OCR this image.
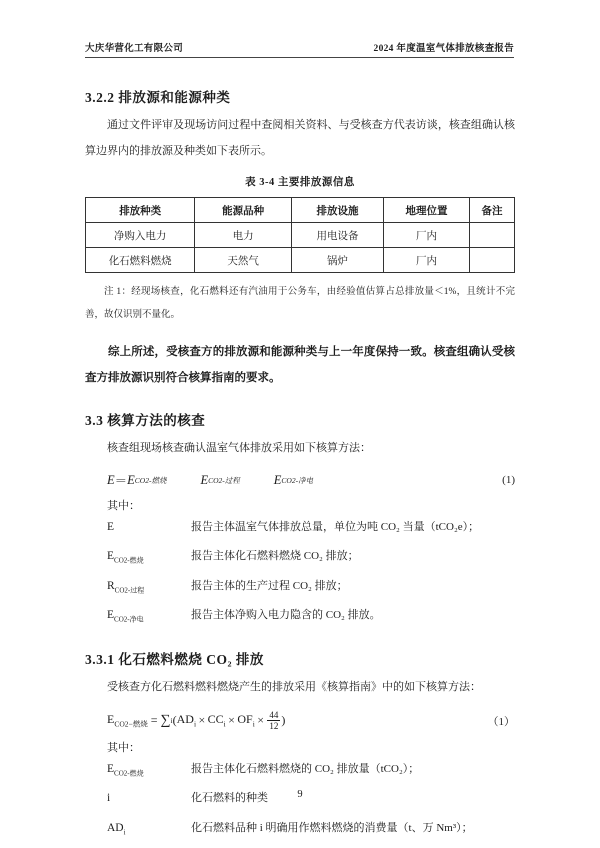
大庆华营化工有限公司	2024 年度温室气体排放核查报告
3.2.2 排放源和能源种类
通过文件评审及现场访问过程中查阅相关资料、与受核查方代表访谈，核查组确认核算边界内的排放源及种类如下表所示。
表 3-4 主要排放源信息
排放种类	能源品种	排放设施	地理位置	备注
净购入电力	电力	用电设备	厂内	
化石燃料燃烧	天然气	锅炉	厂内	
注 1：经现场核查，化石燃料还有汽油用于公务车，由经验值估算占总排放量＜1%，且统计不完善，故仅识别不量化。
综上所述，受核查方的排放源和能源种类与上一年度保持一致。核查组确认受核查方排放源识别符合核算指南的要求。
3.3 核算方法的核查
核查组现场核查确认温室气体排放采用如下核算方法：
E ＝ E CO2-燃烧	E CO2-过程	E CO2-净电	(1)
其中：
E	报告主体温室气体排放总量，单位为吨 CO₂ 当量（tCO₂e）；
$E_{CO2-燃烧}$	报告主体化石燃料燃烧 CO₂ 排放；
$R_{CO2-过程}$	报告主体的生产过程 CO₂ 排放；
$E_{CO2-净电}$	报告主体净购入电力隐含的 CO₂ 排放。
3.3.1 化石燃料燃烧 CO₂ 排放
受核查方化石燃料燃料燃烧产生的排放采用《核算指南》中的如下核算方法：
$E_{CO2-燃烧}$ = ∑ i ( $AD_i$
  ×
  $CC_i$
  ×
  $OF_i$
  ×
  $\frac{44}{12}$ )	（1）
其中：
$E_{CO2-燃烧}$	报告主体化石燃料燃烧的 CO₂ 排放量（tCO₂）；
i	化石燃料的种类
$AD_i$	化石燃料品种 i 明确用作燃料燃烧的消费量（t、万 Nm³）；
9
